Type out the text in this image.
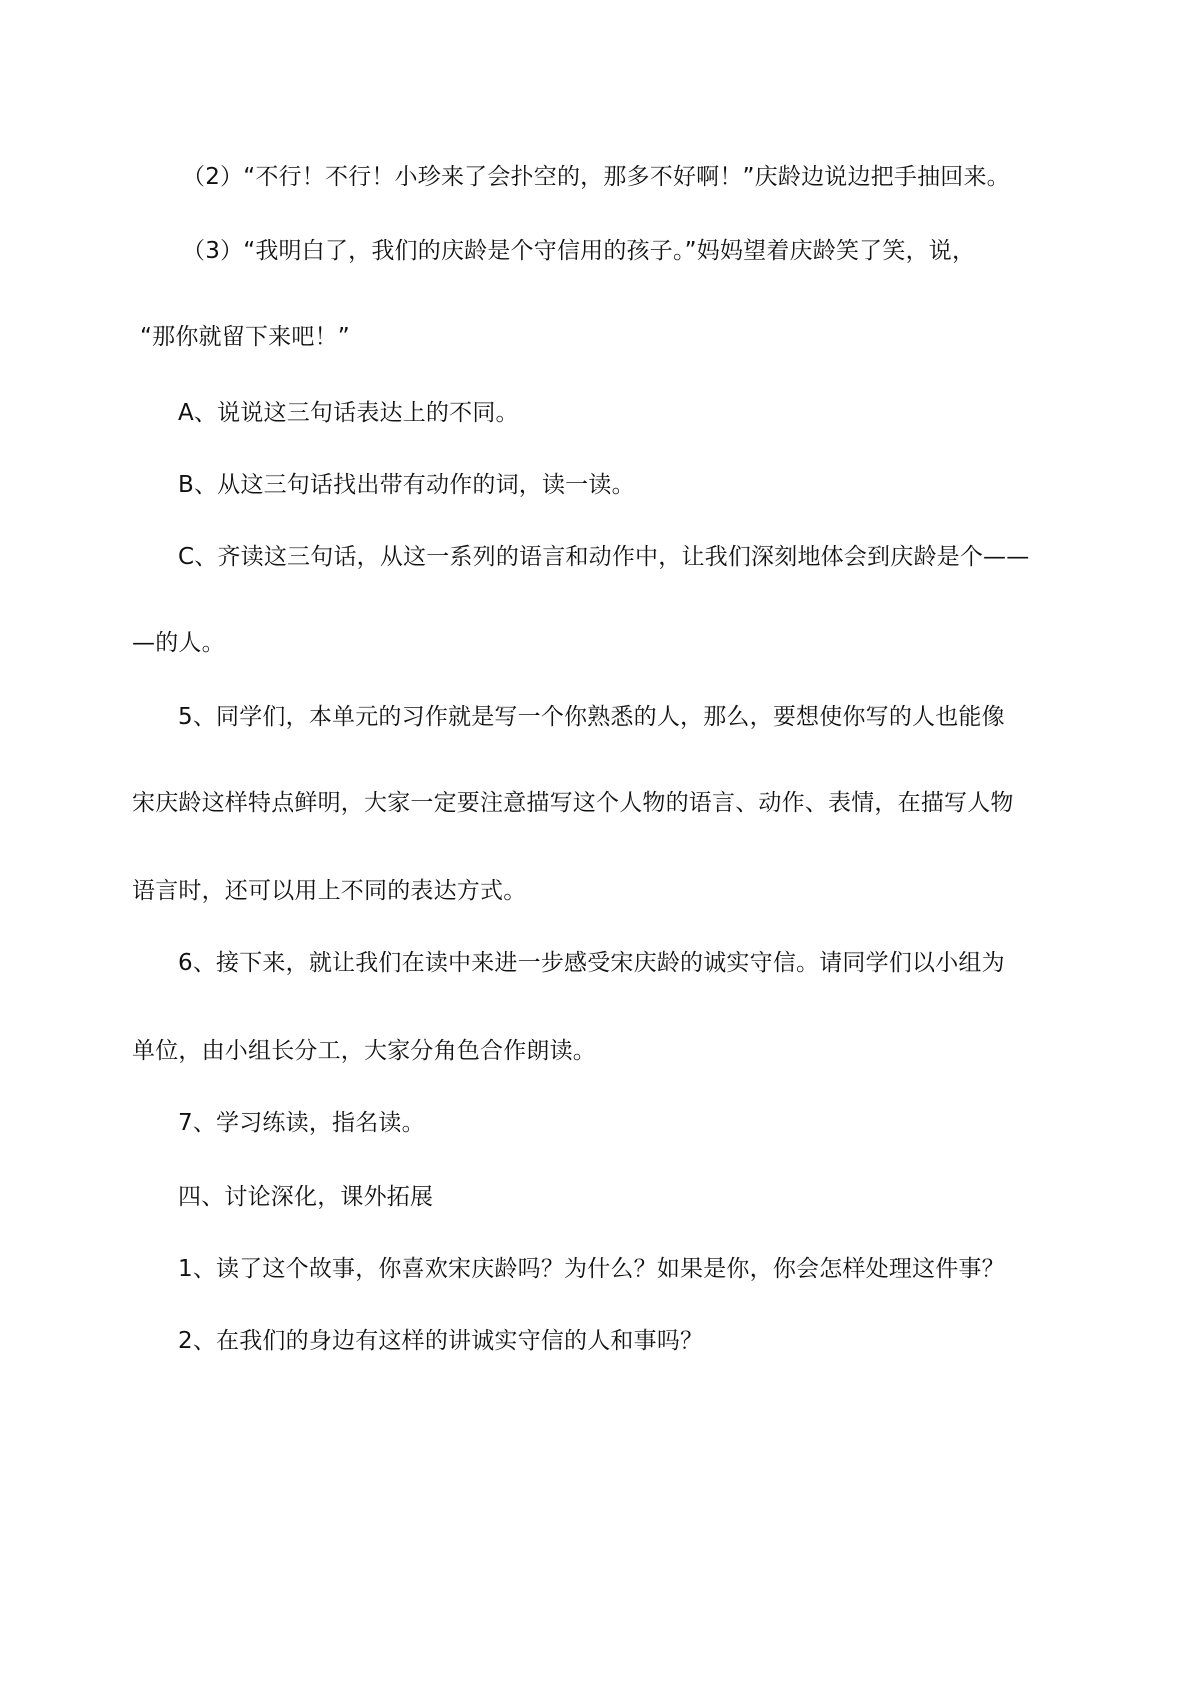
（2）“不行！不行！小珍来了会扑空的，那多不好啊！”庆龄边说边把手抽回来。
（3）“我明白了，我们的庆龄是个守信用的孩子。”妈妈望着庆龄笑了笑，说，
“那你就留下来吧！”
A、说说这三句话表达上的不同。
B、从这三句话找出带有动作的词，读一读。
C、齐读这三句话，从这一系列的语言和动作中，让我们深刻地体会到庆龄是个——
—的人。
5、同学们，本单元的习作就是写一个你熟悉的人，那么，要想使你写的人也能像
宋庆龄这样特点鲜明，大家一定要注意描写这个人物的语言、动作、表情，在描写人物
语言时，还可以用上不同的表达方式。
6、接下来，就让我们在读中来进一步感受宋庆龄的诚实守信。请同学们以小组为
单位，由小组长分工，大家分角色合作朗读。
7、学习练读，指名读。
四、讨论深化，课外拓展
1、读了这个故事，你喜欢宋庆龄吗？为什么？如果是你，你会怎样处理这件事？
2、在我们的身边有这样的讲诚实守信的人和事吗？
